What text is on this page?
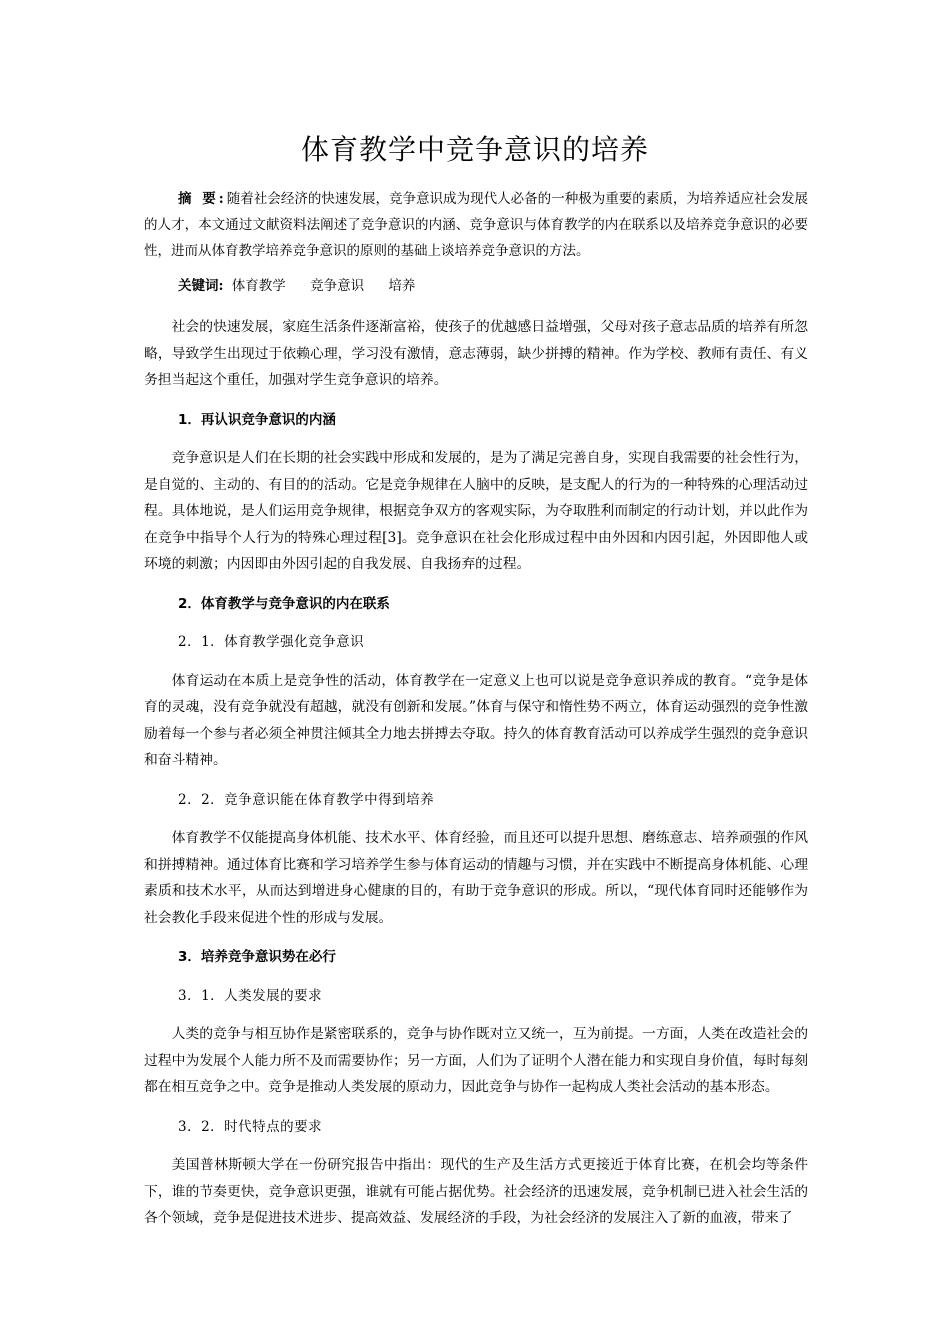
体育教学中竞争意识的培养
摘 要:随着社会经济的快速发展，竞争意识成为现代人必备的一种极为重要的素质，为培养适应社会发展的人才，本文通过文献资料法阐述了竞争意识的内涵、竞争意识与体育教学的内在联系以及培养竞争意识的必要性，进而从体育教学培养竞争意识的原则的基础上谈培养竞争意识的方法。
关键词: 体育教学 竞争意识 培养

社会的快速发展，家庭生活条件逐渐富裕，使孩子的优越感日益增强，父母对孩子意志品质的培养有所忽略，导致学生出现过于依赖心理，学习没有激情，意志薄弱，缺少拼搏的精神。作为学校、教师有责任、有义务担当起这个重任，加强对学生竞争意识的培养。

1．再认识竞争意识的内涵

竞争意识是人们在长期的社会实践中形成和发展的，是为了满足完善自身，实现自我需要的社会性行为，是自觉的、主动的、有目的的活动。它是竞争规律在人脑中的反映，是支配人的行为的一种特殊的心理活动过程。具体地说，是人们运用竞争规律，根据竞争双方的客观实际，为夺取胜利而制定的行动计划，并以此作为在竞争中指导个人行为的特殊心理过程[3]。竞争意识在社会化形成过程中由外因和内因引起，外因即他人或环境的刺激；内因即由外因引起的自我发展、自我扬弃的过程。

2．体育教学与竞争意识的内在联系

2．1．体育教学强化竞争意识

体育运动在本质上是竞争性的活动，体育教学在一定意义上也可以说是竞争意识养成的教育。“竞争是体育的灵魂，没有竞争就没有超越，就没有创新和发展。”体育与保守和惰性势不两立，体育运动强烈的竞争性激励着每一个参与者必须全神贯注倾其全力地去拼搏去夺取。持久的体育教育活动可以养成学生强烈的竞争意识和奋斗精神。

2．2．竞争意识能在体育教学中得到培养

体育教学不仅能提高身体机能、技术水平、体育经验，而且还可以提升思想、磨练意志、培养顽强的作风和拼搏精神。通过体育比赛和学习培养学生参与体育运动的情趣与习惯，并在实践中不断提高身体机能、心理素质和技术水平，从而达到增进身心健康的目的，有助于竞争意识的形成。所以，“现代体育同时还能够作为社会教化手段来促进个性的形成与发展。

3．培养竞争意识势在必行

3．1．人类发展的要求

人类的竞争与相互协作是紧密联系的，竞争与协作既对立又统一，互为前提。一方面，人类在改造社会的过程中为发展个人能力所不及而需要协作；另一方面，人们为了证明个人潜在能力和实现自身价值，每时每刻都在相互竞争之中。竞争是推动人类发展的原动力，因此竞争与协作一起构成人类社会活动的基本形态。

3．2．时代特点的要求

美国普林斯顿大学在一份研究报告中指出：现代的生产及生活方式更接近于体育比赛，在机会均等条件下，谁的节奏更快，竞争意识更强，谁就有可能占据优势。社会经济的迅速发展，竞争机制已进入社会生活的各个领域，竞争是促进技术进步、提高效益、发展经济的手段，为社会经济的发展注入了新的血液，带来了
